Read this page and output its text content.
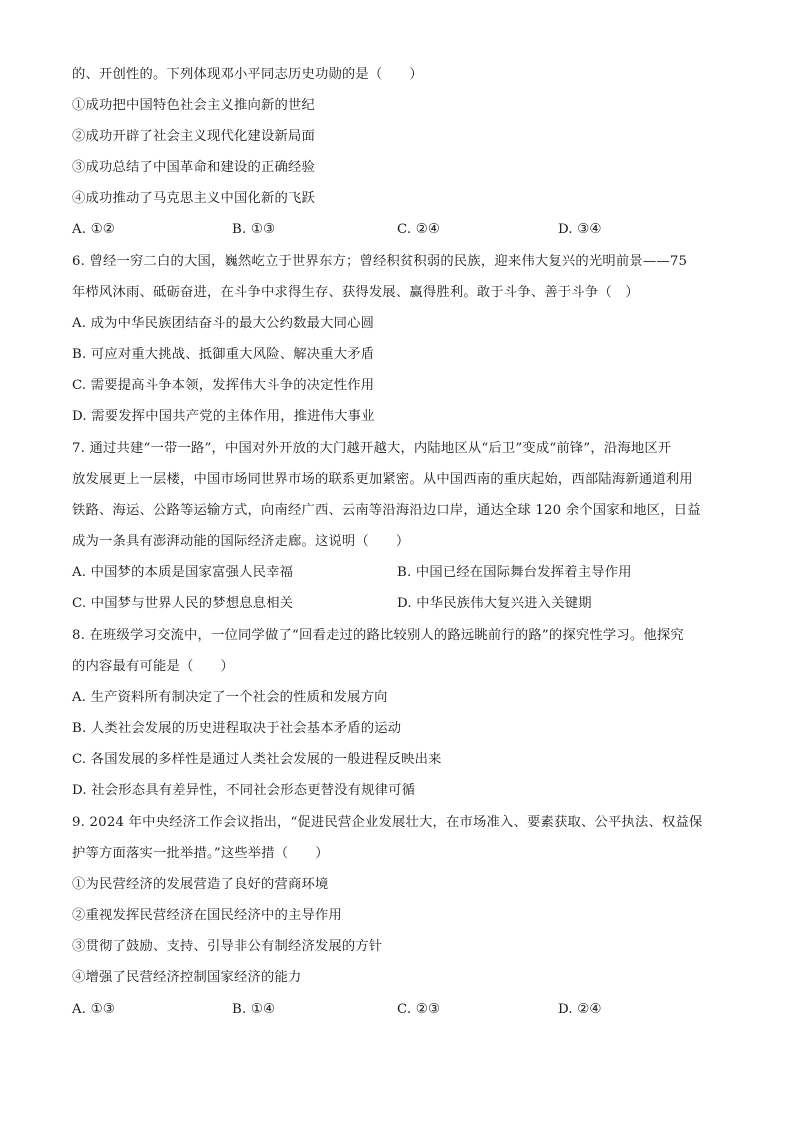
的、开创性的。下列体现邓小平同志历史功勋的是（　　）
①成功把中国特色社会主义推向新的世纪
②成功开辟了社会主义现代化建设新局面
③成功总结了中国革命和建设的正确经验
④成功推动了马克思主义中国化新的飞跃
A. ①②	B. ①③	C. ②④	D. ③④
6. 曾经一穷二白的大国，巍然屹立于世界东方；曾经积贫积弱的民族，迎来伟大复兴的光明前景——75
年栉风沐雨、砥砺奋进，在斗争中求得生存、获得发展、赢得胜利。敢于斗争、善于斗争（　）
A. 成为中华民族团结奋斗的最大公约数最大同心圆
B. 可应对重大挑战、抵御重大风险、解决重大矛盾
C. 需要提高斗争本领，发挥伟大斗争的决定性作用
D. 需要发挥中国共产党的主体作用，推进伟大事业
7. 通过共建“一带一路”，中国对外开放的大门越开越大，内陆地区从“后卫”变成“前锋”，沿海地区开
放发展更上一层楼，中国市场同世界市场的联系更加紧密。从中国西南的重庆起始，西部陆海新通道利用
铁路、海运、公路等运输方式，向南经广西、云南等沿海沿边口岸，通达全球 120 余个国家和地区，日益
成为一条具有澎湃动能的国际经济走廊。这说明（　　）
A. 中国梦的本质是国家富强人民幸福	B. 中国已经在国际舞台发挥着主导作用
C. 中国梦与世界人民的梦想息息相关	D. 中华民族伟大复兴进入关键期
8. 在班级学习交流中，一位同学做了“回看走过的路比较别人的路远眺前行的路”的探究性学习。他探究
的内容最有可能是（　　）
A. 生产资料所有制决定了一个社会的性质和发展方向
B. 人类社会发展的历史进程取决于社会基本矛盾的运动
C. 各国发展的多样性是通过人类社会发展的一般进程反映出来
D. 社会形态具有差异性，不同社会形态更替没有规律可循
9. 2024 年中央经济工作会议指出，“促进民营企业发展壮大，在市场准入、要素获取、公平执法、权益保
护等方面落实一批举措。”这些举措（　　）
①为民营经济的发展营造了良好的营商环境
②重视发挥民营经济在国民经济中的主导作用
③贯彻了鼓励、支持、引导非公有制经济发展的方针
④增强了民营经济控制国家经济的能力
A. ①③	B. ①④	C. ②③	D. ②④
